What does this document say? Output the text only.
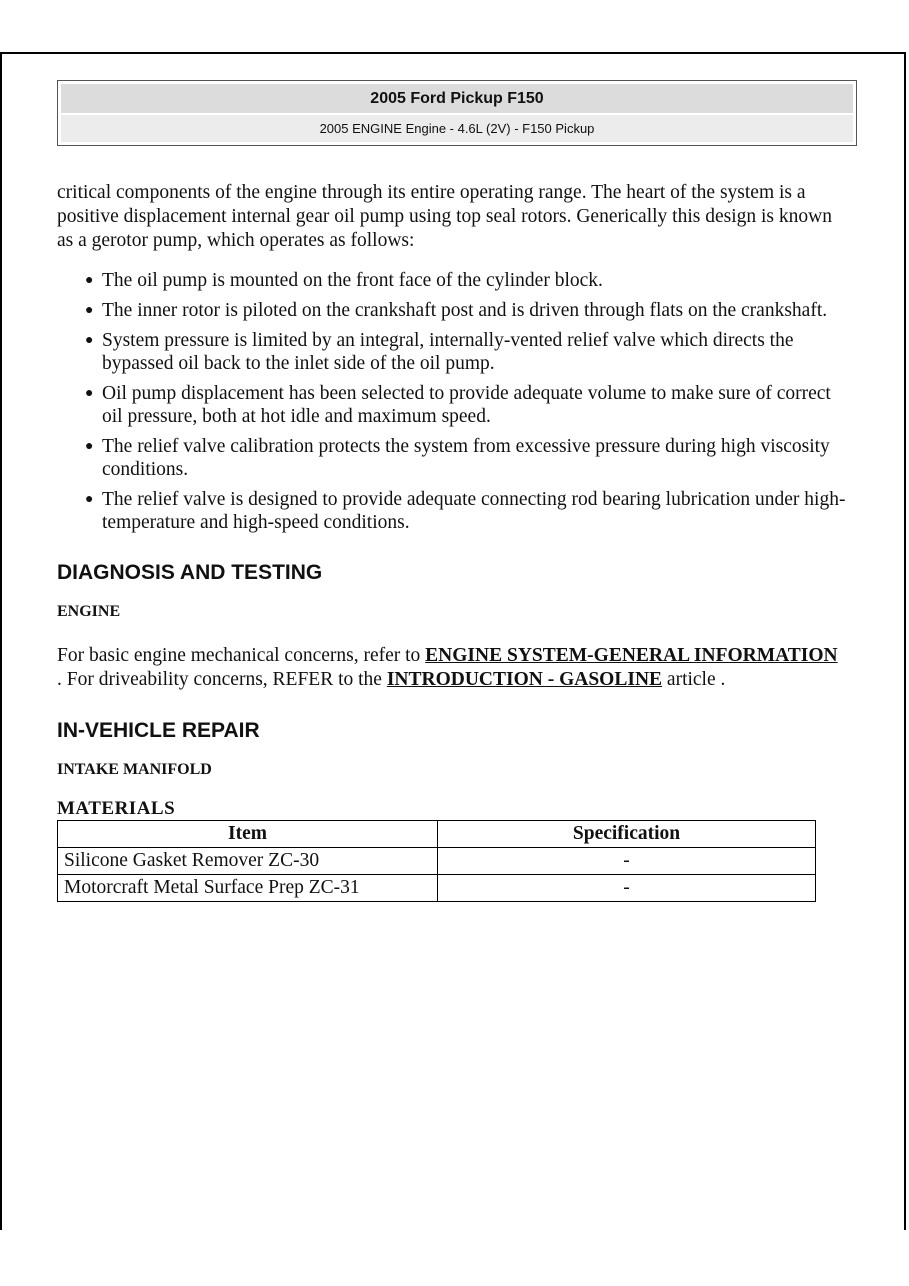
2005 Ford Pickup F150
2005 ENGINE Engine - 4.6L (2V) - F150 Pickup

critical components of the engine through its entire operating range. The heart of the system is a positive displacement internal gear oil pump using top seal rotors. Generically this design is known as a gerotor pump, which operates as follows:

● The oil pump is mounted on the front face of the cylinder block.
● The inner rotor is piloted on the crankshaft post and is driven through flats on the crankshaft.
● System pressure is limited by an integral, internally-vented relief valve which directs the bypassed oil back to the inlet side of the oil pump.
● Oil pump displacement has been selected to provide adequate volume to make sure of correct oil pressure, both at hot idle and maximum speed.
● The relief valve calibration protects the system from excessive pressure during high viscosity conditions.
● The relief valve is designed to provide adequate connecting rod bearing lubrication under high-temperature and high-speed conditions.
DIAGNOSIS AND TESTING
ENGINE

For basic engine mechanical concerns, refer to ENGINE SYSTEM-GENERAL INFORMATION . For driveability concerns, REFER to the INTRODUCTION - GASOLINE article .

IN-VEHICLE REPAIR
INTAKE MANIFOLD
MATERIALS
Item	Specification
Silicone Gasket Remover ZC-30	-
Motorcraft Metal Surface Prep ZC-31	-
